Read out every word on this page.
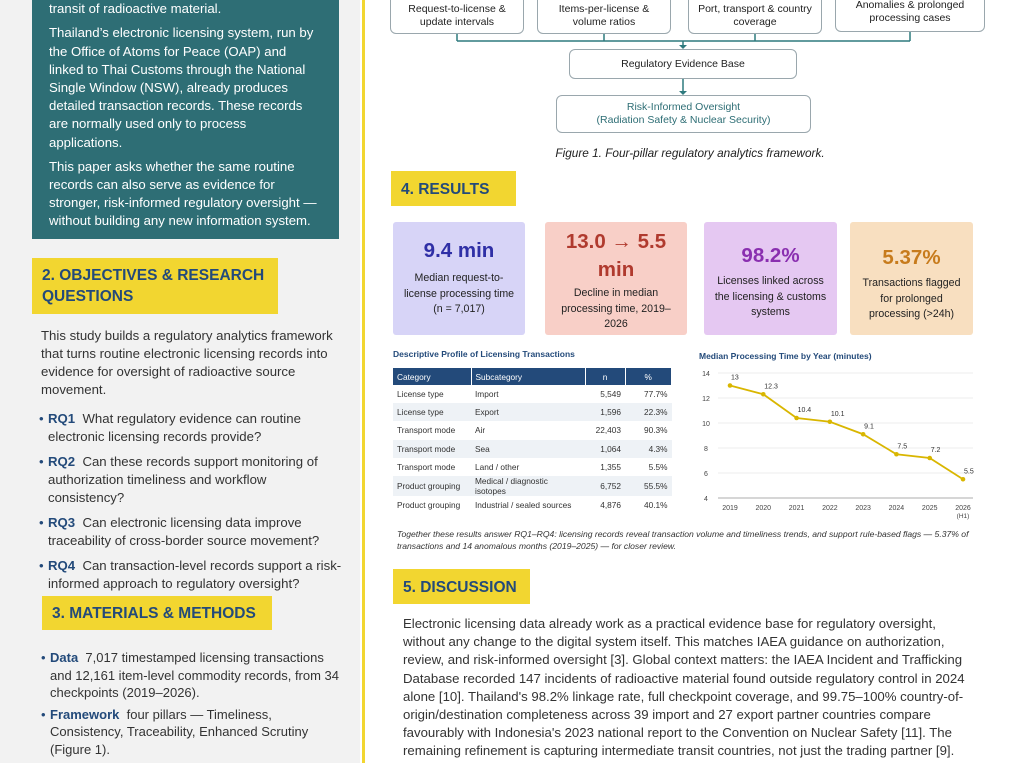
transit of radioactive material.

Thailand’s electronic licensing system, run by the Office of Atoms for Peace (OAP) and linked to Thai Customs through the National Single Window (NSW), already produces detailed transaction records. These records are normally used only to process applications.

This paper asks whether the same routine records can also serve as evidence for stronger, risk-informed regulatory oversight — without building any new information system.

2. OBJECTIVES & RESEARCH
QUESTIONS

This study builds a regulatory analytics framework that turns routine electronic licensing records into evidence for oversight of radioactive source movement.

• RQ1 What regulatory evidence can routine electronic licensing records provide?
• RQ2 Can these records support monitoring of authorization timeliness and workflow consistency?
• RQ3 Can electronic licensing data improve traceability of cross-border source movement?
• RQ4 Can transaction-level records support a risk-informed approach to regulatory oversight?
3. MATERIALS & METHODS
• Data 7,017 timestamped licensing transactions and 12,161 item-level commodity records, from 34 checkpoints (2019–2026).
• Framework four pillars — Timeliness, Consistency, Traceability, Enhanced Scrutiny (Figure 1).
Request-to-license &
update intervals
Items-per-license &
volume ratios
Port, transport & country
coverage
Anomalies & prolonged
processing cases
Regulatory Evidence Base
Risk-Informed Oversight
(Radiation Safety & Nuclear Security)
Figure 1. Four-pillar regulatory analytics framework.
4. RESULTS
9.4 min
Median request-to-license processing time (n = 7,017)
13.0 → 5.5 min
Decline in median processing time, 2019–2026
98.2%
Licenses linked across the licensing & customs systems
5.37%
Transactions flagged for prolonged processing (>24h)
Descriptive Profile of Licensing Transactions
Category	Subcategory	n	%
License type	Import	5,549	77.7%
License type	Export	1,596	22.3%
Transport mode	Air	22,403	90.3%
Transport mode	Sea	1,064	4.3%
Transport mode	Land / other	1,355	5.5%
Product grouping	Medical / diagnostic isotopes	6,752	55.5%
Product grouping	Industrial / sealed sources	4,876	40.1%
Median Processing Time by Year (minutes)
4
6
8
10
12
14	13
2019
12.3
2020
10.4
2021
10.1
2022
9.1
2023
7.5
2024
7.2
2025
5.5
2026
(H1)
Together these results answer RQ1–RQ4: licensing records reveal transaction volume and timeliness trends, and support rule-based flags — 5.37% of transactions and 14 anomalous months (2019–2025) — for closer review.
5. DISCUSSION

Electronic licensing data already work as a practical evidence base for regulatory oversight, without any change to the digital system itself. This matches IAEA guidance on authorization, review, and risk-informed oversight [3]. Global context matters: the IAEA Incident and Trafficking Database recorded 147 incidents of radioactive material found outside regulatory control in 2024 alone [10]. Thailand's 98.2% linkage rate, full checkpoint coverage, and 99.75–100% country-of-origin/destination completeness across 39 import and 27 export partner countries compare favourably with Indonesia's 2023 national report to the Convention on Nuclear Safety [11]. The remaining refinement is capturing intermediate transit countries, not just the trading partner [9].
